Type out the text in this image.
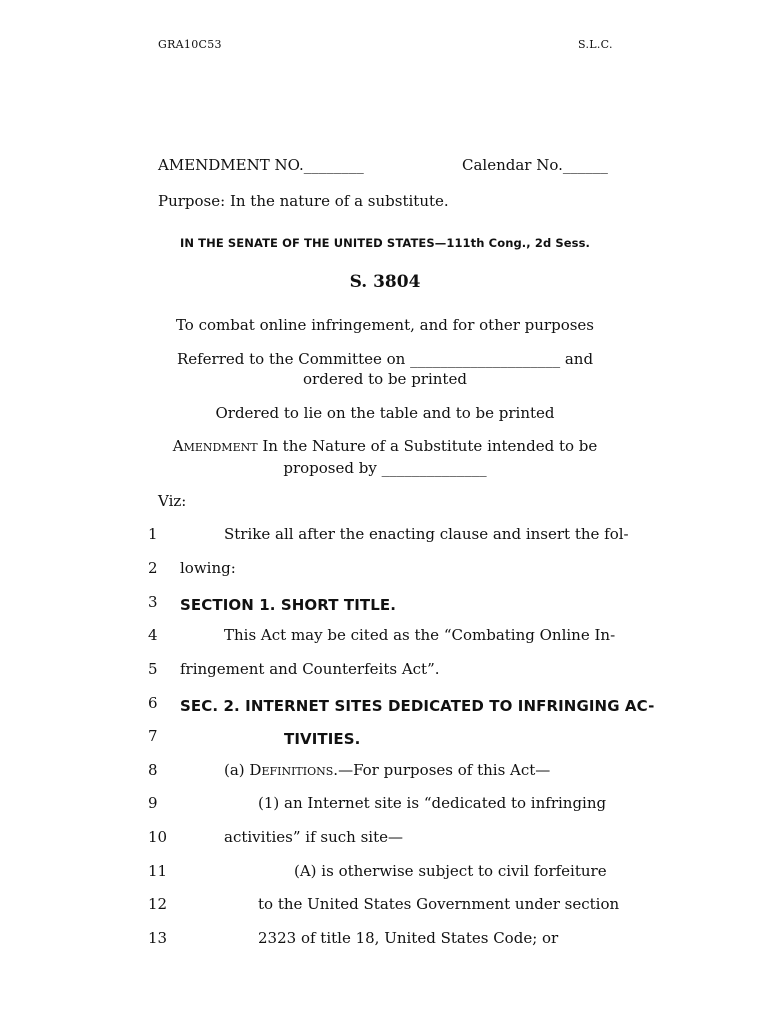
GRA10C53	S.L.C.
AMENDMENT NO.________	Calendar No.______
Purpose: In the nature of a substitute.
IN THE SENATE OF THE UNITED STATES—111th Cong., 2d Sess.
S. 3804
To combat online infringement, and for other purposes
Referred to the Committee on ____________________ and
ordered to be printed
Ordered to lie on the table and to be printed
Amendment In the Nature of a Substitute intended to be
proposed by ______________
Viz:
1	Strike all after the enacting clause and insert the fol-
2	lowing:
3	SECTION 1. SHORT TITLE.
4	This Act may be cited as the “Combating Online In-
5	fringement and Counterfeits Act”.
6	SEC. 2. INTERNET SITES DEDICATED TO INFRINGING AC-
7	TIVITIES.
8	(a) Definitions.—For purposes of this Act—
9	(1) an Internet site is “dedicated to infringing
10	activities” if such site—
11	(A) is otherwise subject to civil forfeiture
12	to the United States Government under section
13	2323 of title 18, United States Code; or
